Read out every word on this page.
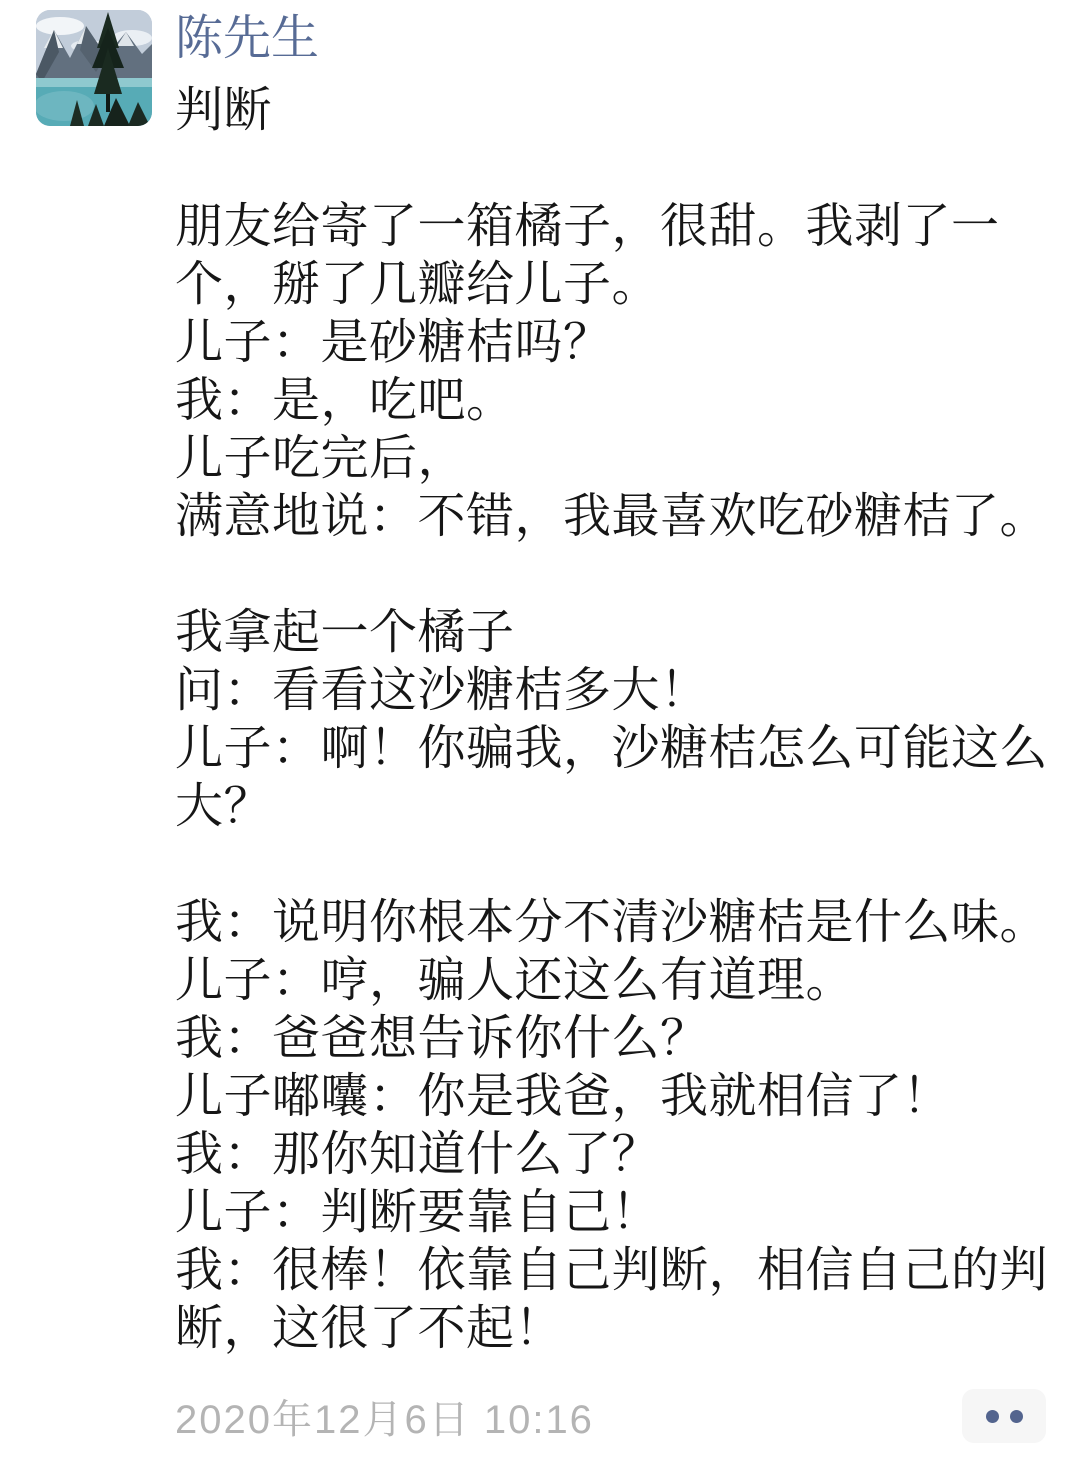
陈先生
判断
朋友给寄了一箱橘子，很甜。我剥了一
个，掰了几瓣给儿子。
儿子：是砂糖桔吗？
我：是，吃吧。
儿子吃完后，
满意地说：不错，我最喜欢吃砂糖桔了。
我拿起一个橘子
问：看看这沙糖桔多大！
儿子：啊！你骗我，沙糖桔怎么可能这么
大？
我：说明你根本分不清沙糖桔是什么味。
儿子：哼，骗人还这么有道理。
我：爸爸想告诉你什么？
儿子嘟囔：你是我爸，我就相信了！
我：那你知道什么了？
儿子：判断要靠自己！
我：很棒！依靠自己判断，相信自己的判
断，这很了不起！
2020年12月6日 10:16
